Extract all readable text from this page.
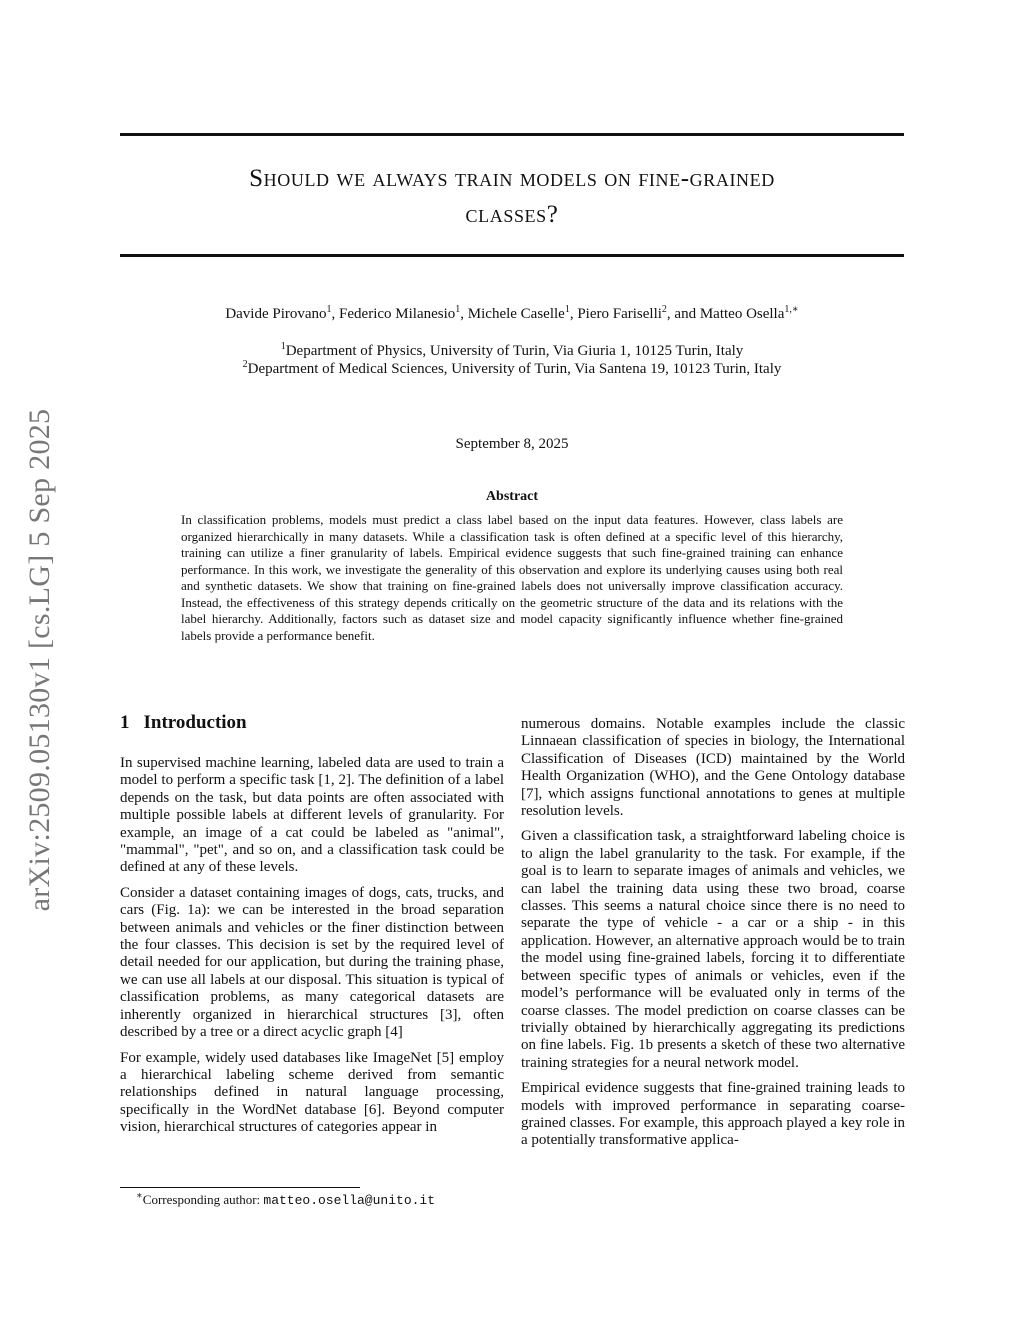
Should we always train models on fine-grained
classes?
Davide Pirovano$^1$, Federico Milanesio$^1$, Michele Caselle$^1$, Piero Fariselli$^2$, and Matteo Osella$^{1,∗}$
$^1$Department of Physics, University of Turin, Via Giuria 1, 10125 Turin, Italy
$^2$Department of Medical Sciences, University of Turin, Via Santena 19, 10123 Turin, Italy
September 8, 2025
Abstract

In classification problems, models must predict a class label based on the input data features. However, class labels are organized hierarchically in many datasets. While a classification task is often defined at a specific level of this hierarchy, training can utilize a finer granularity of labels. Empirical evidence suggests that such fine-grained training can enhance performance. In this work, we investigate the generality of this observation and explore its underlying causes using both real and synthetic datasets. We show that training on fine-grained labels does not universally improve classification accuracy. Instead, the effectiveness of this strategy depends critically on the geometric structure of the data and its relations with the label hierarchy. Additionally, factors such as dataset size and model capacity significantly influence whether fine-grained labels provide a performance benefit.

arXiv:2509.05130v1 [cs.LG] 5 Sep 2025	1 Introduction

In supervised machine learning, labeled data are used to train a model to perform a specific task [1, 2]. The definition of a label depends on the task, but data points are often associated with multiple possible labels at different levels of granularity. For example, an image of a cat could be labeled as "animal", "mammal", "pet", and so on, and a classification task could be defined at any of these levels.

Consider a dataset containing images of dogs, cats, trucks, and cars (Fig. 1a): we can be interested in the broad separation between animals and vehicles or the finer distinction between the four classes. This decision is set by the required level of detail needed for our application, but during the training phase, we can use all labels at our disposal. This situation is typical of classification problems, as many categorical datasets are inherently organized in hierarchical structures [3], often described by a tree or a direct acyclic graph [4]

For example, widely used databases like ImageNet [5] employ a hierarchical labeling scheme derived from semantic relationships defined in natural language processing, specifically in the WordNet database [6]. Beyond computer vision, hierarchical structures of categories appear in

numerous domains. Notable examples include the classic Linnaean classification of species in biology, the International Classification of Diseases (ICD) maintained by the World Health Organization (WHO), and the Gene Ontology database [7], which assigns functional annotations to genes at multiple resolution levels.

Given a classification task, a straightforward labeling choice is to align the label granularity to the task. For example, if the goal is to learn to separate images of animals and vehicles, we can label the training data using these two broad, coarse classes. This seems a natural choice since there is no need to separate the type of vehicle - a car or a ship - in this application. However, an alternative approach would be to train the model using fine-grained labels, forcing it to differentiate between specific types of animals or vehicles, even if the model’s performance will be evaluated only in terms of the coarse classes. The model prediction on coarse classes can be trivially obtained by hierarchically aggregating its predictions on fine labels. Fig. 1b presents a sketch of these two alternative training strategies for a neural network model.

Empirical evidence suggests that fine-grained training leads to models with improved performance in separating coarse-grained classes. For example, this approach played a key role in a potentially transformative applica-

∗Corresponding author: matteo.osella@unito.it
